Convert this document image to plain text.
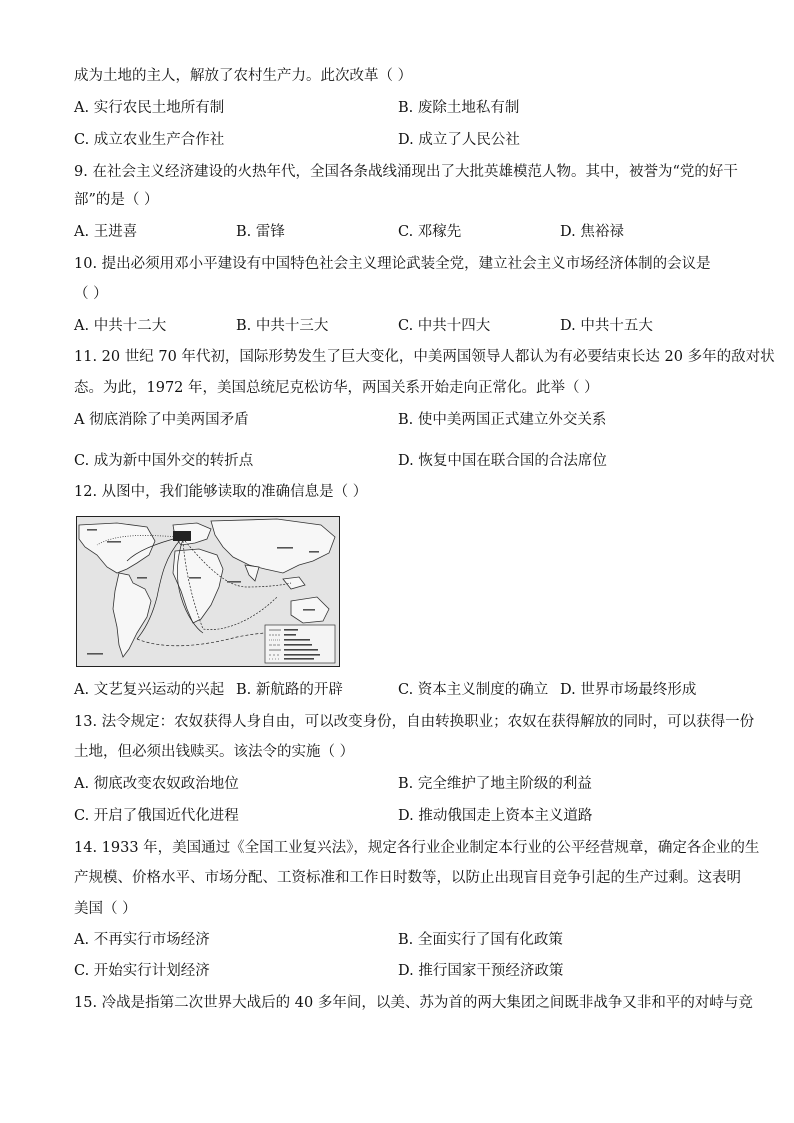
成为土地的主人，解放了农村生产力。此次改革（ ）
A. 实行农民土地所有制	B. 废除土地私有制
C. 成立农业生产合作社	D. 成立了人民公社
9. 在社会主义经济建设的火热年代，全国各条战线涌现出了大批英雄模范人物。其中，被誉为“党的好干
部”的是（ ）
A. 王进喜	B. 雷锋	C. 邓稼先	D. 焦裕禄
10. 提出必须用邓小平建设有中国特色社会主义理论武装全党，建立社会主义市场经济体制的会议是
（ ）
A. 中共十二大	B. 中共十三大	C. 中共十四大	D. 中共十五大
11. 20 世纪 70 年代初，国际形势发生了巨大变化，中美两国领导人都认为有必要结束长达 20 多年的敌对状
态。为此，1972 年，美国总统尼克松访华，两国关系开始走向正常化。此举（ ）
A 彻底消除了中美两国矛盾	B. 使中美两国正式建立外交关系
C. 成为新中国外交的转折点	D. 恢复中国在联合国的合法席位
12. 从图中，我们能够读取的准确信息是（ ）
A. 文艺复兴运动的兴起 B. 新航路的开辟	C. 资本主义制度的确立 D. 世界市场最终形成
13. 法令规定：农奴获得人身自由，可以改变身份，自由转换职业；农奴在获得解放的同时，可以获得一份
土地，但必须出钱赎买。该法令的实施（ ）
A. 彻底改变农奴政治地位	B. 完全维护了地主阶级的利益
C. 开启了俄国近代化进程	D. 推动俄国走上资本主义道路
14. 1933 年，美国通过《全国工业复兴法》，规定各行业企业制定本行业的公平经营规章，确定各企业的生
产规模、价格水平、市场分配、工资标准和工作日时数等，以防止出现盲目竞争引起的生产过剩。这表明
美国（ ）
A. 不再实行市场经济	B. 全面实行了国有化政策
C. 开始实行计划经济	D. 推行国家干预经济政策
15. 冷战是指第二次世界大战后的 40 多年间，以美、苏为首的两大集团之间既非战争又非和平的对峙与竞
